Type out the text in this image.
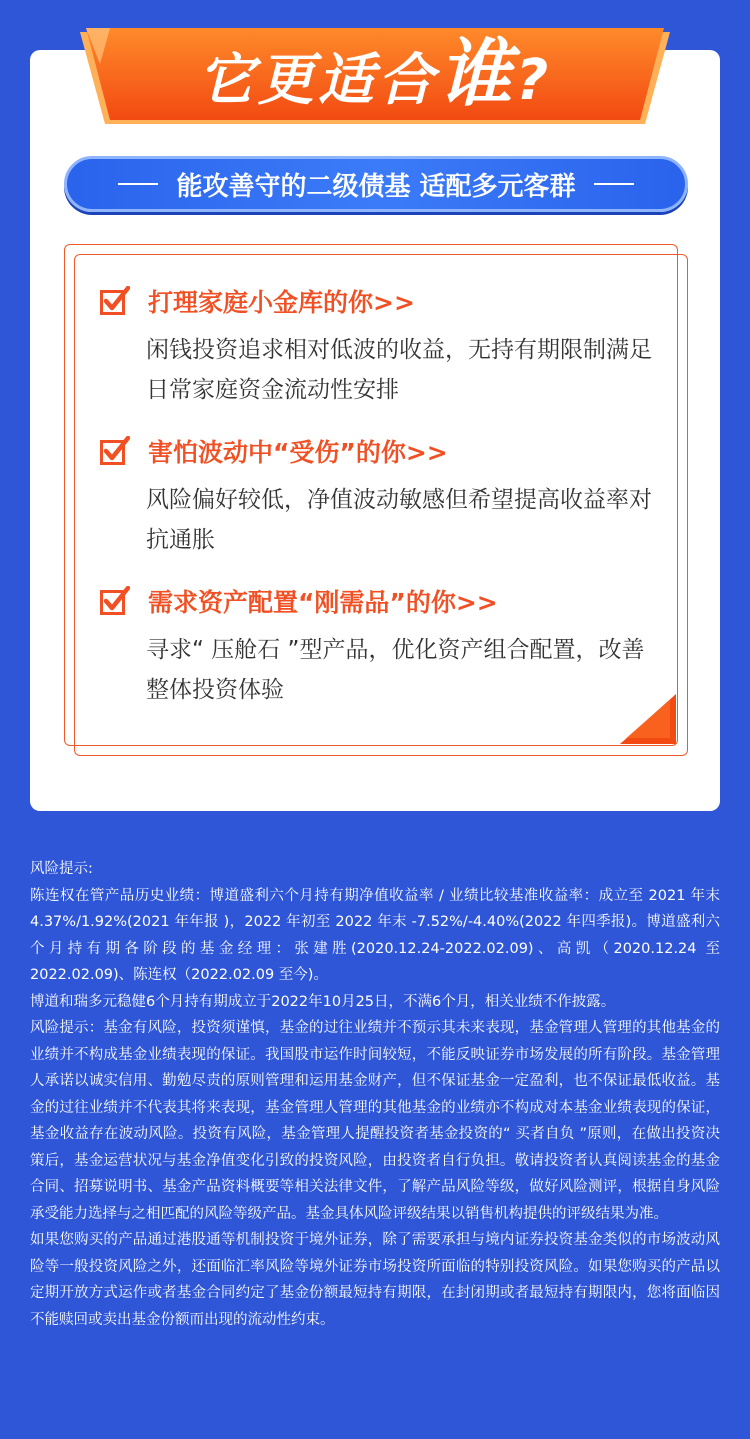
它更适合谁?
能攻善守的二级债基 适配多元客群
打理家庭小金库的你>>
闲钱投资追求相对低波的收益，无持有期限制满足日常家庭资金流动性安排
害怕波动中“受伤”的你>>
风险偏好较低，净值波动敏感但希望提高收益率对抗通胀
需求资产配置“刚需品”的你>>
寻求“ 压舱石 ”型产品，优化资产组合配置，改善整体投资体验

风险提示:

陈连权在管产品历史业绩：博道盛利六个月持有期净值收益率 / 业绩比较基准收益率：成立至 2021 年末 4.37%/1.92%(2021 年年报 )，2022 年初至 2022 年末 -7.52%/-4.40%(2022 年四季报)。博道盛利六个月持有期各阶段的基金经理：张建胜(2020.12.24-2022.02.09)、高凯（2020.12.24 至 2022.02.09)、陈连权（2022.02.09 至今)。

博道和瑞多元稳健6个月持有期成立于2022年10月25日，不满6个月，相关业绩不作披露。

风险提示：基金有风险，投资须谨慎，基金的过往业绩并不预示其未来表现，基金管理人管理的其他基金的业绩并不构成基金业绩表现的保证。我国股市运作时间较短，不能反映证券市场发展的所有阶段。基金管理人承诺以诚实信用、勤勉尽责的原则管理和运用基金财产，但不保证基金一定盈利，也不保证最低收益。基金的过往业绩并不代表其将来表现，基金管理人管理的其他基金的业绩亦不构成对本基金业绩表现的保证，基金收益存在波动风险。投资有风险，基金管理人提醒投资者基金投资的“ 买者自负 ”原则，在做出投资决策后，基金运营状况与基金净值变化引致的投资风险，由投资者自行负担。敬请投资者认真阅读基金的基金合同、招募说明书、基金产品资料概要等相关法律文件，了解产品风险等级，做好风险测评，根据自身风险承受能力选择与之相匹配的风险等级产品。基金具体风险评级结果以销售机构提供的评级结果为准。

如果您购买的产品通过港股通等机制投资于境外证券，除了需要承担与境内证券投资基金类似的市场波动风险等一般投资风险之外，还面临汇率风险等境外证券市场投资所面临的特别投资风险。如果您购买的产品以定期开放方式运作或者基金合同约定了基金份额最短持有期限，在封闭期或者最短持有期限内，您将面临因不能赎回或卖出基金份额而出现的流动性约束。
